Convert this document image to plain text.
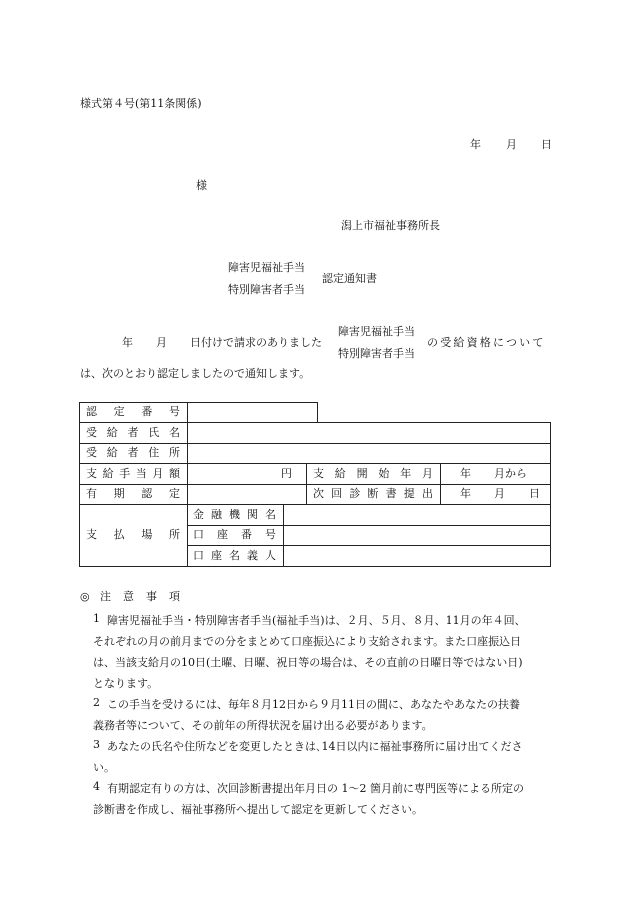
様式第４号(第11条関係)
年 月 日
様
潟上市福祉事務所長
障害児福祉手当
特別障害者手当
認定通知書
年 月 日付けで請求のありました
障害児福祉手当
特別障害者手当
の受給資格について
は、次のとおり認定しましたので通知します。
認 定 番 号
受 給 者 氏 名
受 給 者 住 所
支 給 手 当 月 額	円 支 給 開 始 年 月 年 月から
有 期 認 定	次 回 診 断 書 提 出 年 月 日
支 払 場 所
金 融 機 関 名
口 座 番 号
口 座 名 義 人
◎ 注 意 事 項
1 障害児福祉手当・特別障害者手当(福祉手当)は、２月、５月、８月、11月の年４回、
それぞれの月の前月までの分をまとめて口座振込により支給されます。また口座振込日
は、当該支給月の10日(土曜、日曜、祝日等の場合は、その直前の日曜日等ではない日)
となります。
2 この手当を受けるには、毎年８月12日から９月11日の間に、あなたやあなたの扶養
義務者等について、その前年の所得状況を届け出る必要があります。
3 あなたの氏名や住所などを変更したときは､14日以内に福祉事務所に届け出てくださ
い。
4 有期認定有りの方は、次回診断書提出年月日の 1～2 箇月前に専門医等による所定の
診断書を作成し、福祉事務所へ提出して認定を更新してください。
